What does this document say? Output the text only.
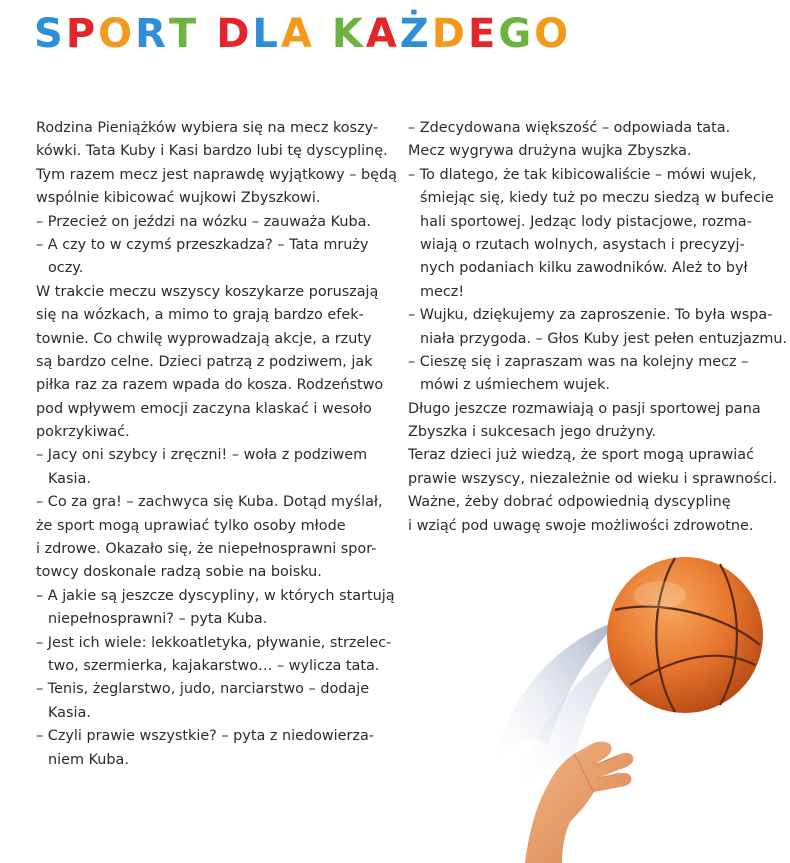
SPORT DLA KAŻDEGO
Rodzina Pieniążków wybiera się na mecz koszy-
kówki. Tata Kuby i Kasi bardzo lubi tę dyscyplinę.
Tym razem mecz jest naprawdę wyjątkowy – będą
wspólnie kibicować wujkowi Zbyszkowi.
– Przecież on jeździ na wózku – zauważa Kuba.
– A czy to w czymś przeszkadza? – Tata mruży
oczy.
W trakcie meczu wszyscy koszykarze poruszają
się na wózkach, a mimo to grają bardzo efek-
townie. Co chwilę wyprowadzają akcje, a rzuty
są bardzo celne. Dzieci patrzą z podziwem, jak
piłka raz za razem wpada do kosza. Rodzeństwo
pod wpływem emocji zaczyna klaskać i wesoło
pokrzykiwać.
– Jacy oni szybcy i zręczni! – woła z podziwem
Kasia.
– Co za gra! – zachwyca się Kuba. Dotąd myślał,
że sport mogą uprawiać tylko osoby młode
i zdrowe. Okazało się, że niepełnosprawni spor-
towcy doskonale radzą sobie na boisku.
– A jakie są jeszcze dyscypliny, w których startują
niepełnosprawni? – pyta Kuba.
– Jest ich wiele: lekkoatletyka, pływanie, strzelec-
two, szermierka, kajakarstwo… – wylicza tata.
– Tenis, żeglarstwo, judo, narciarstwo – dodaje
Kasia.
– Czyli prawie wszystkie? – pyta z niedowierza-
niem Kuba.
– Zdecydowana większość – odpowiada tata.
Mecz wygrywa drużyna wujka Zbyszka.
– To dlatego, że tak kibicowaliście – mówi wujek,
śmiejąc się, kiedy tuż po meczu siedzą w bufecie
hali sportowej. Jedząc lody pistacjowe, rozma-
wiają o rzutach wolnych, asystach i precyzyj-
nych podaniach kilku zawodników. Ależ to był
mecz!
– Wujku, dziękujemy za zaproszenie. To była wspa-
niała przygoda. – Głos Kuby jest pełen entuzjazmu.
– Cieszę się i zapraszam was na kolejny mecz –
mówi z uśmiechem wujek.
Długo jeszcze rozmawiają o pasji sportowej pana
Zbyszka i sukcesach jego drużyny.
Teraz dzieci już wiedzą, że sport mogą uprawiać
prawie wszyscy, niezależnie od wieku i sprawności.
Ważne, żeby dobrać odpowiednią dyscyplinę
i wziąć pod uwagę swoje możliwości zdrowotne.
